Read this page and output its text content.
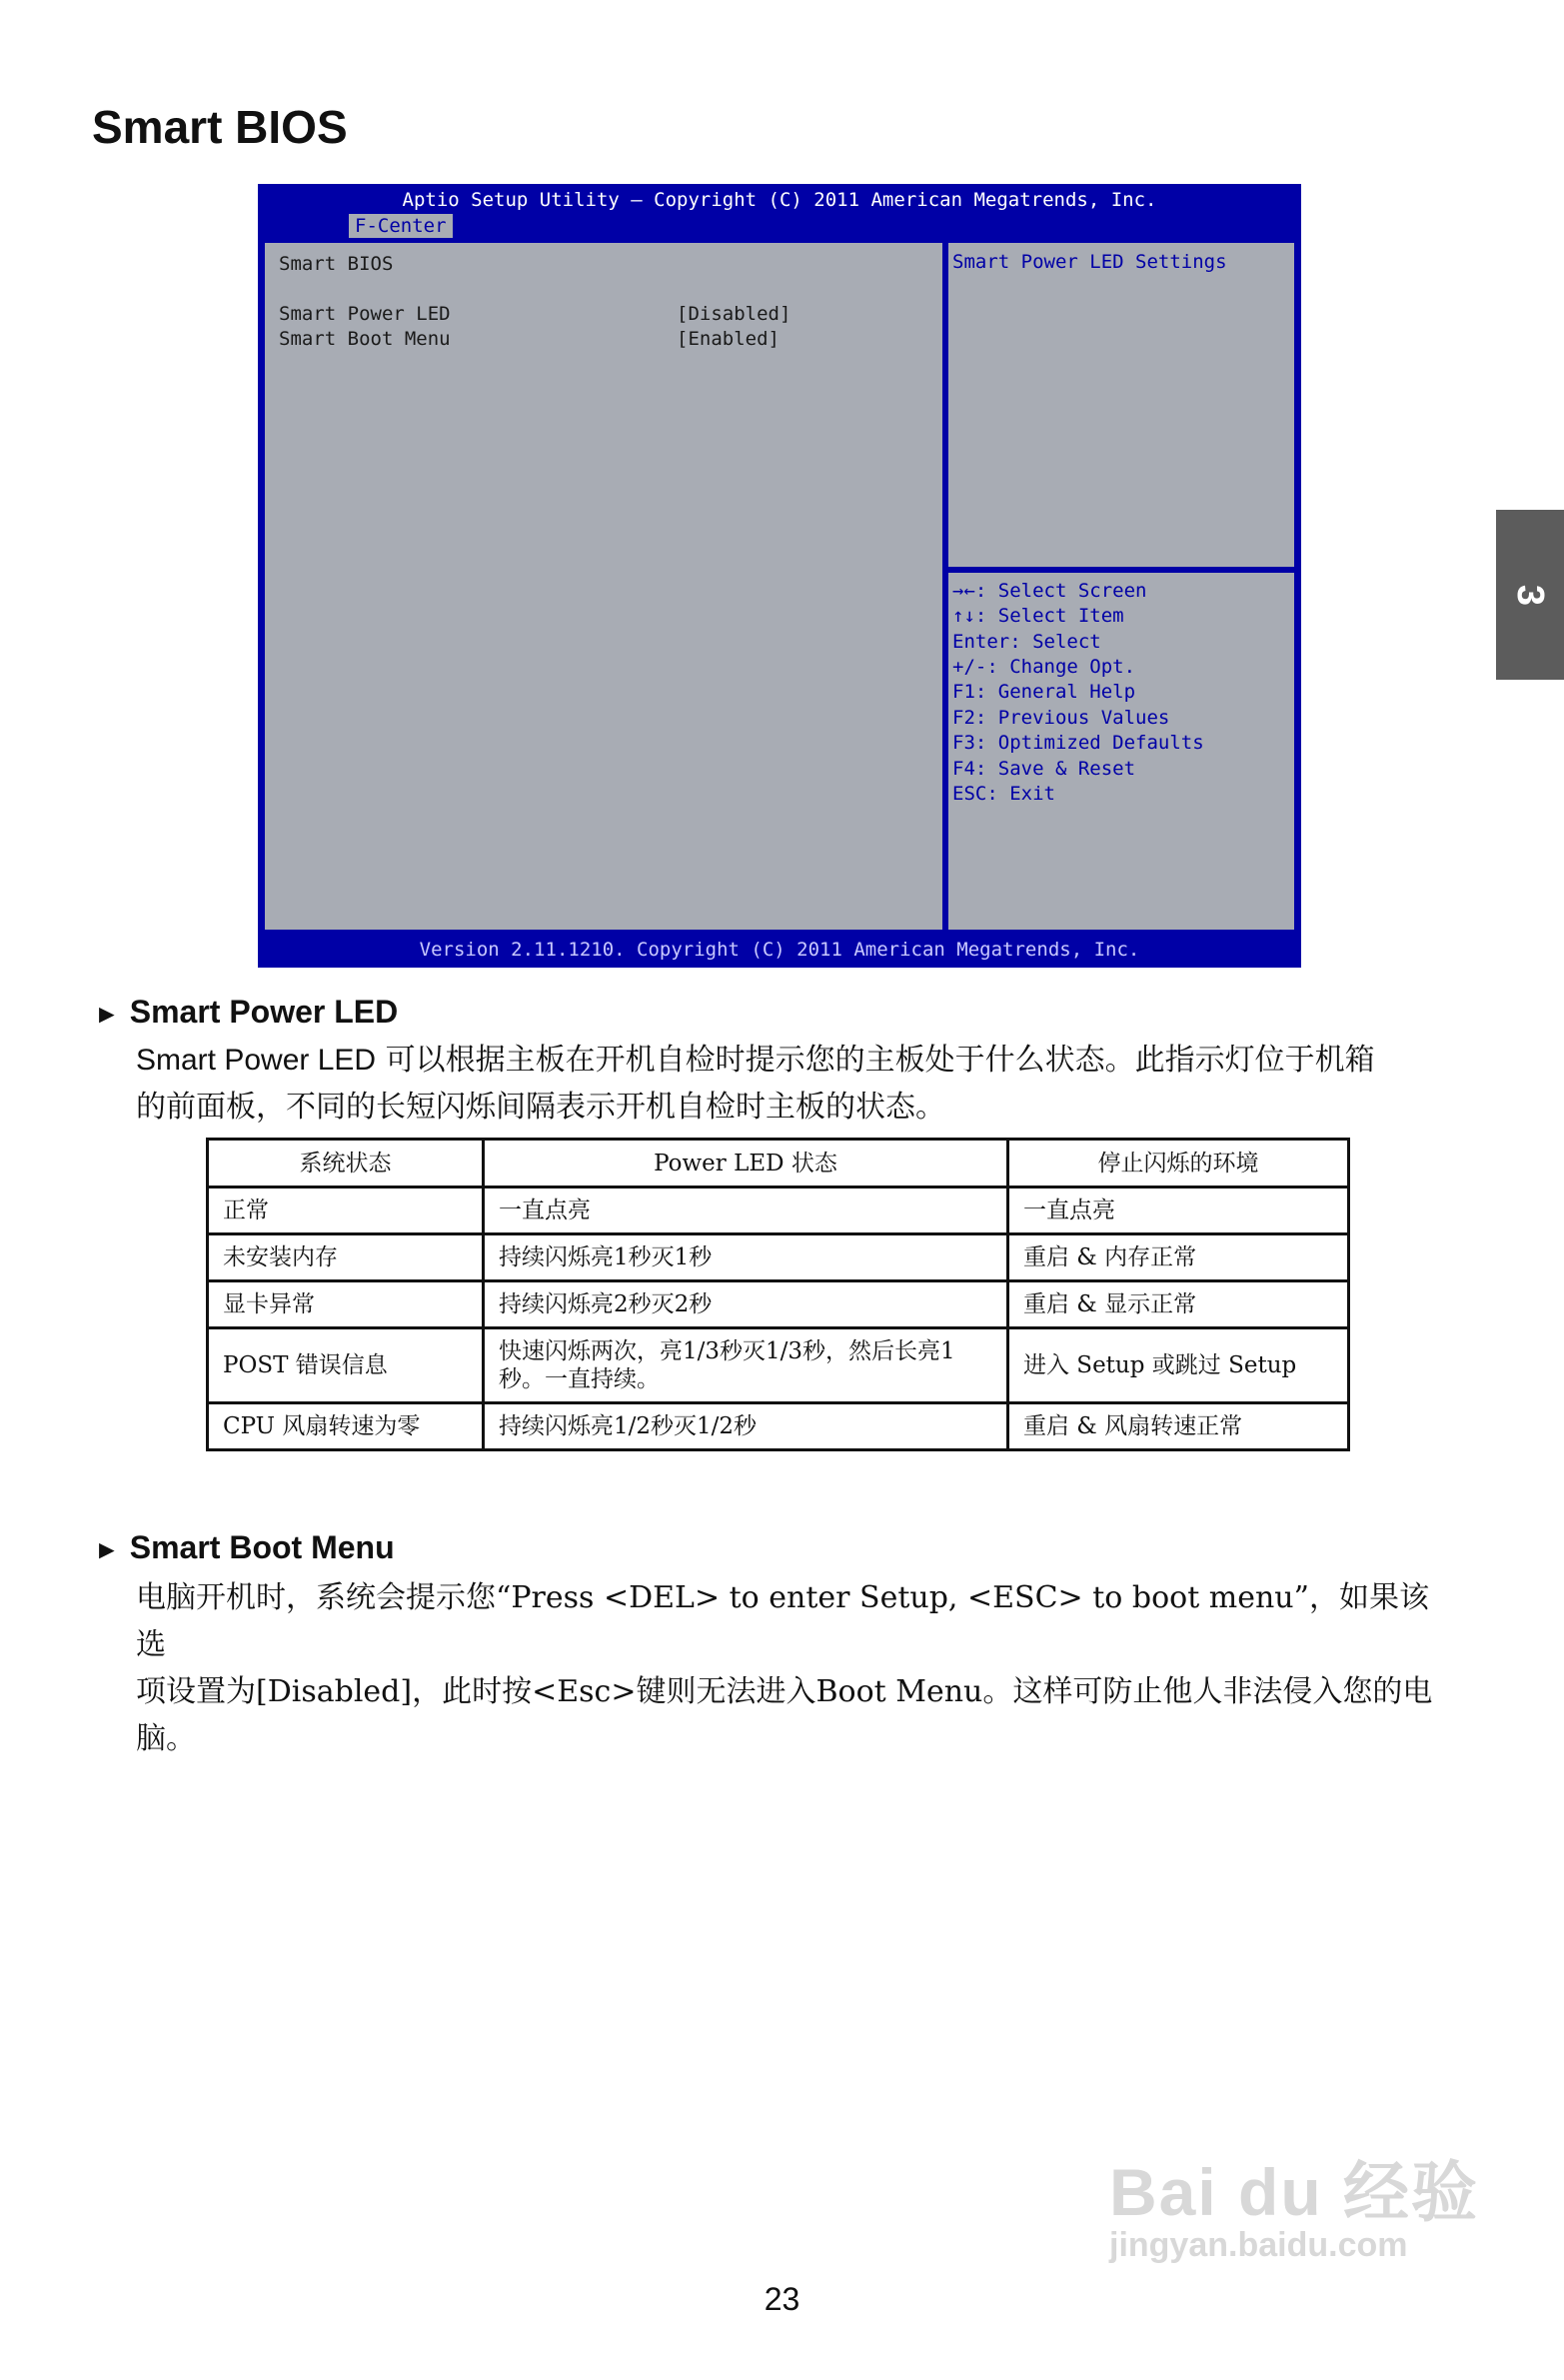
Smart BIOS
3
Aptio Setup Utility – Copyright (C) 2011 American Megatrends, Inc.
F-Center
Smart BIOS
Smart Power LED	[Disabled]
Smart Boot Menu	[Enabled]
Smart Power LED Settings
→←: Select Screen
↑↓: Select Item
Enter: Select
+/-: Change Opt.
F1: General Help
F2: Previous Values
F3: Optimized Defaults
F4: Save & Reset
ESC: Exit
Version 2.11.1210. Copyright (C) 2011 American Megatrends, Inc.
► Smart Power LED
Smart Power LED 可以根据主板在开机自检时提示您的主板处于什么状态。此指示灯位于机箱
的前面板，不同的长短闪烁间隔表示开机自检时主板的状态。
系统状态	Power LED 状态	停止闪烁的环境
正常	一直点亮	一直点亮
未安装内存	持续闪烁亮1秒灭1秒	重启 & 内存正常
显卡异常	持续闪烁亮2秒灭2秒	重启 & 显示正常
POST 错误信息	快速闪烁两次，亮1/3秒灭1/3秒，然后长亮1秒。一直持续。	进入 Setup 或跳过 Setup
CPU 风扇转速为零	持续闪烁亮1/2秒灭1/2秒	重启 & 风扇转速正常
► Smart Boot Menu
电脑开机时，系统会提示您“Press <DEL> to enter Setup, <ESC> to boot menu”，如果该选
项设置为[Disabled]，此时按<Esc>键则无法进入Boot Menu。这样可防止他人非法侵入您的电
脑。
Bai du 经验
jingyan.baidu.com
23
